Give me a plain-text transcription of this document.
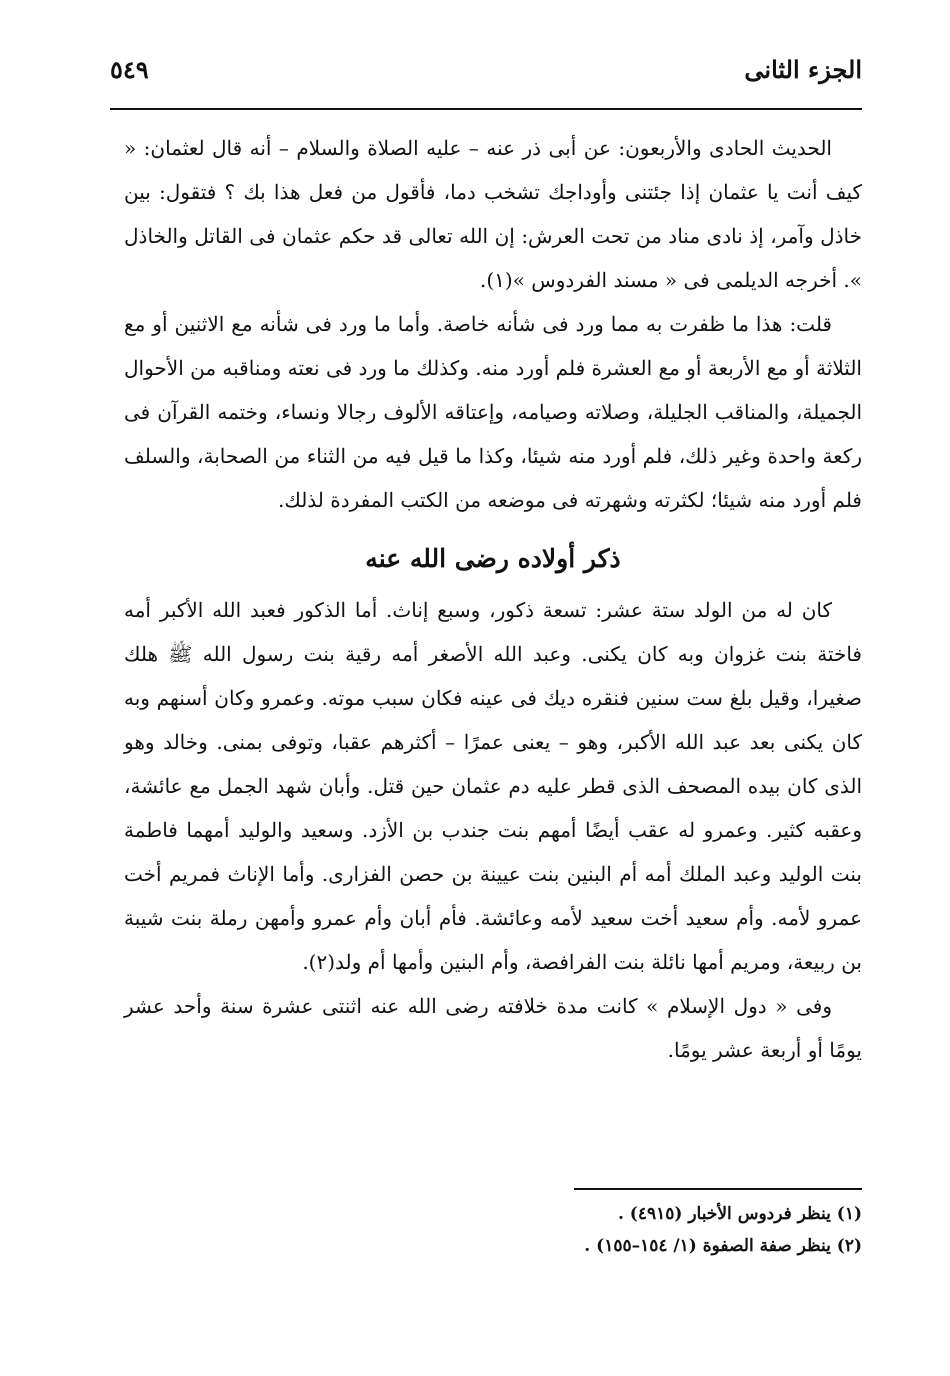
الجزء الثانى
٥٤٩

الحديث الحادى والأربعون: عن أبى ذر عنه – عليه الصلاة والسلام – أنه قال لعثمان: « كيف أنت يا عثمان إذا جئتنى وأوداجك تشخب دما، فأقول من فعل هذا بك ؟ فتقول: بين خاذل وآمر، إذ نادى مناد من تحت العرش: إن الله تعالى قد حكم عثمان فى القاتل والخاذل ». أخرجه الديلمى فى « مسند الفردوس »(١).

قلت: هذا ما ظفرت به مما ورد فى شأنه خاصة. وأما ما ورد فى شأنه مع الاثنين أو مع الثلاثة أو مع الأربعة أو مع العشرة فلم أورد منه. وكذلك ما ورد فى نعته ومناقبه من الأحوال الجميلة، والمناقب الجليلة، وصلاته وصيامه، وإعتاقه الألوف رجالا ونساء، وختمه القرآن فى ركعة واحدة وغير ذلك، فلم أورد منه شيئا، وكذا ما قيل فيه من الثناء من الصحابة، والسلف فلم أورد منه شيئا؛ لكثرته وشهرته فى موضعه من الكتب المفردة لذلك.

ذكر أولاده رضى الله عنه

كان له من الولد ستة عشر: تسعة ذكور، وسبع إناث. أما الذكور فعبد الله الأكبر أمه فاختة بنت غزوان وبه كان يكنى. وعبد الله الأصغر أمه رقية بنت رسول الله ﷺ هلك صغيرا، وقيل بلغ ست سنين فنقره ديك فى عينه فكان سبب موته. وعمرو وكان أسنهم وبه كان يكنى بعد عبد الله الأكبر، وهو – يعنى عمرًا – أكثرهم عقبا، وتوفى بمنى. وخالد وهو الذى كان بيده المصحف الذى قطر عليه دم عثمان حين قتل. وأبان شهد الجمل مع عائشة، وعقبه كثير. وعمرو له عقب أيضًا أمهم بنت جندب بن الأزد. وسعيد والوليد أمهما فاطمة بنت الوليد وعبد الملك أمه أم البنين بنت عيينة بن حصن الفزارى. وأما الإناث فمريم أخت عمرو لأمه. وأم سعيد أخت سعيد لأمه وعائشة. فأم أبان وأم عمرو وأمهن رملة بنت شيبة بن ربيعة، ومريم أمها نائلة بنت الفرافصة، وأم البنين وأمها أم ولد(٢).

وفى « دول الإسلام » كانت مدة خلافته رضى الله عنه اثنتى عشرة سنة وأحد عشر يومًا أو أربعة عشر يومًا.

(١) ينظر فردوس الأخبار (٤٩١٥) .

(٢) ينظر صفة الصفوة (١/ ١٥٤–١٥٥) .
